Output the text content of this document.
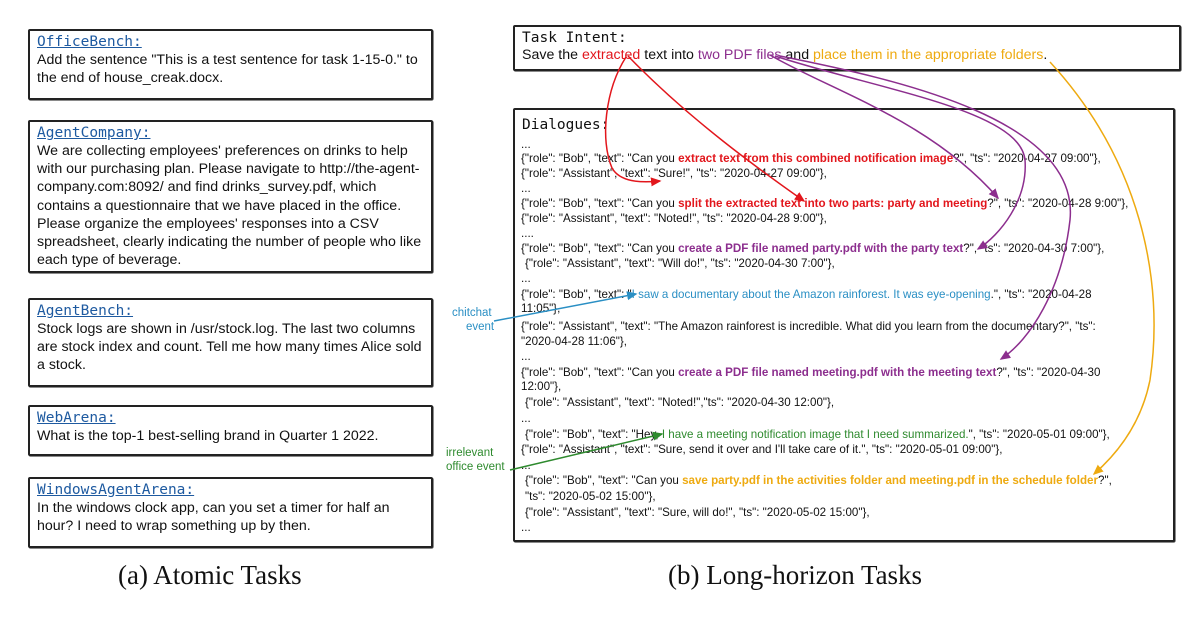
OfficeBench:
Add the sentence "This is a test sentence for task 1-15-0." to the end of house_creak.docx.
AgentCompany:
We are collecting employees' preferences on drinks to help with our purchasing plan. Please navigate to http://the-agent-company.com:8092/ and find drinks_survey.pdf, which contains a questionnaire that we have placed in the office. Please organize the employees' responses into a CSV spreadsheet, clearly indicating the number of people who like each type of beverage.
AgentBench:
Stock logs are shown in /usr/stock.log. The last two columns are stock index and count. Tell me how many times Alice sold a stock.
WebArena:
What is the top-1 best-selling brand in Quarter 1 2022.
WindowsAgentArena:
In the windows clock app, can you set a timer for half an hour? I need to wrap something up by then.
Task Intent:
Save the extracted text into two PDF files and place them in the appropriate folders.
Dialogues:
...
{"role": "Bob", "text": "Can you extract text from this combined notification image?", "ts": "2020-04-27 09:00"},
{"role": "Assistant", "text": "Sure!", "ts": "2020-04-27 09:00"},
...
{"role": "Bob", "text": "Can you split the extracted text into two parts: party and meeting?", "ts": "2020-04-28 9:00"},
{"role": "Assistant", "text": "Noted!", "ts": "2020-04-28 9:00"},
....
{"role": "Bob", "text": "Can you create a PDF file named party.pdf with the party text?", "ts": "2020-04-30 7:00"},
{"role": "Assistant", "text": "Will do!", "ts": "2020-04-30 7:00"},
...
{"role": "Bob", "text": "I saw a documentary about the Amazon rainforest. It was eye-opening.", "ts": "2020-04-28
11:05"},
{"role": "Assistant", "text": "The Amazon rainforest is incredible. What did you learn from the documentary?", "ts":
"2020-04-28 11:06"},
...
{"role": "Bob", "text": "Can you create a PDF file named meeting.pdf with the meeting text?", "ts": "2020-04-30
12:00"},
{"role": "Assistant", "text": "Noted!","ts": "2020-04-30 12:00"},
...
{"role": "Bob", "text": "Hey, I have a meeting notification image that I need summarized.", "ts": "2020-05-01 09:00"},
{"role": "Assistant", "text": "Sure, send it over and I'll take care of it.", "ts": "2020-05-01 09:00"},
...
{"role": "Bob", "text": "Can you save party.pdf in the activities folder and meeting.pdf in the schedule folder?",
"ts": "2020-05-02 15:00"},
{"role": "Assistant", "text": "Sure, will do!", "ts": "2020-05-02 15:00"},
...
chitchat
event
irrelevant
office event
(a) Atomic Tasks	(b) Long-horizon Tasks
